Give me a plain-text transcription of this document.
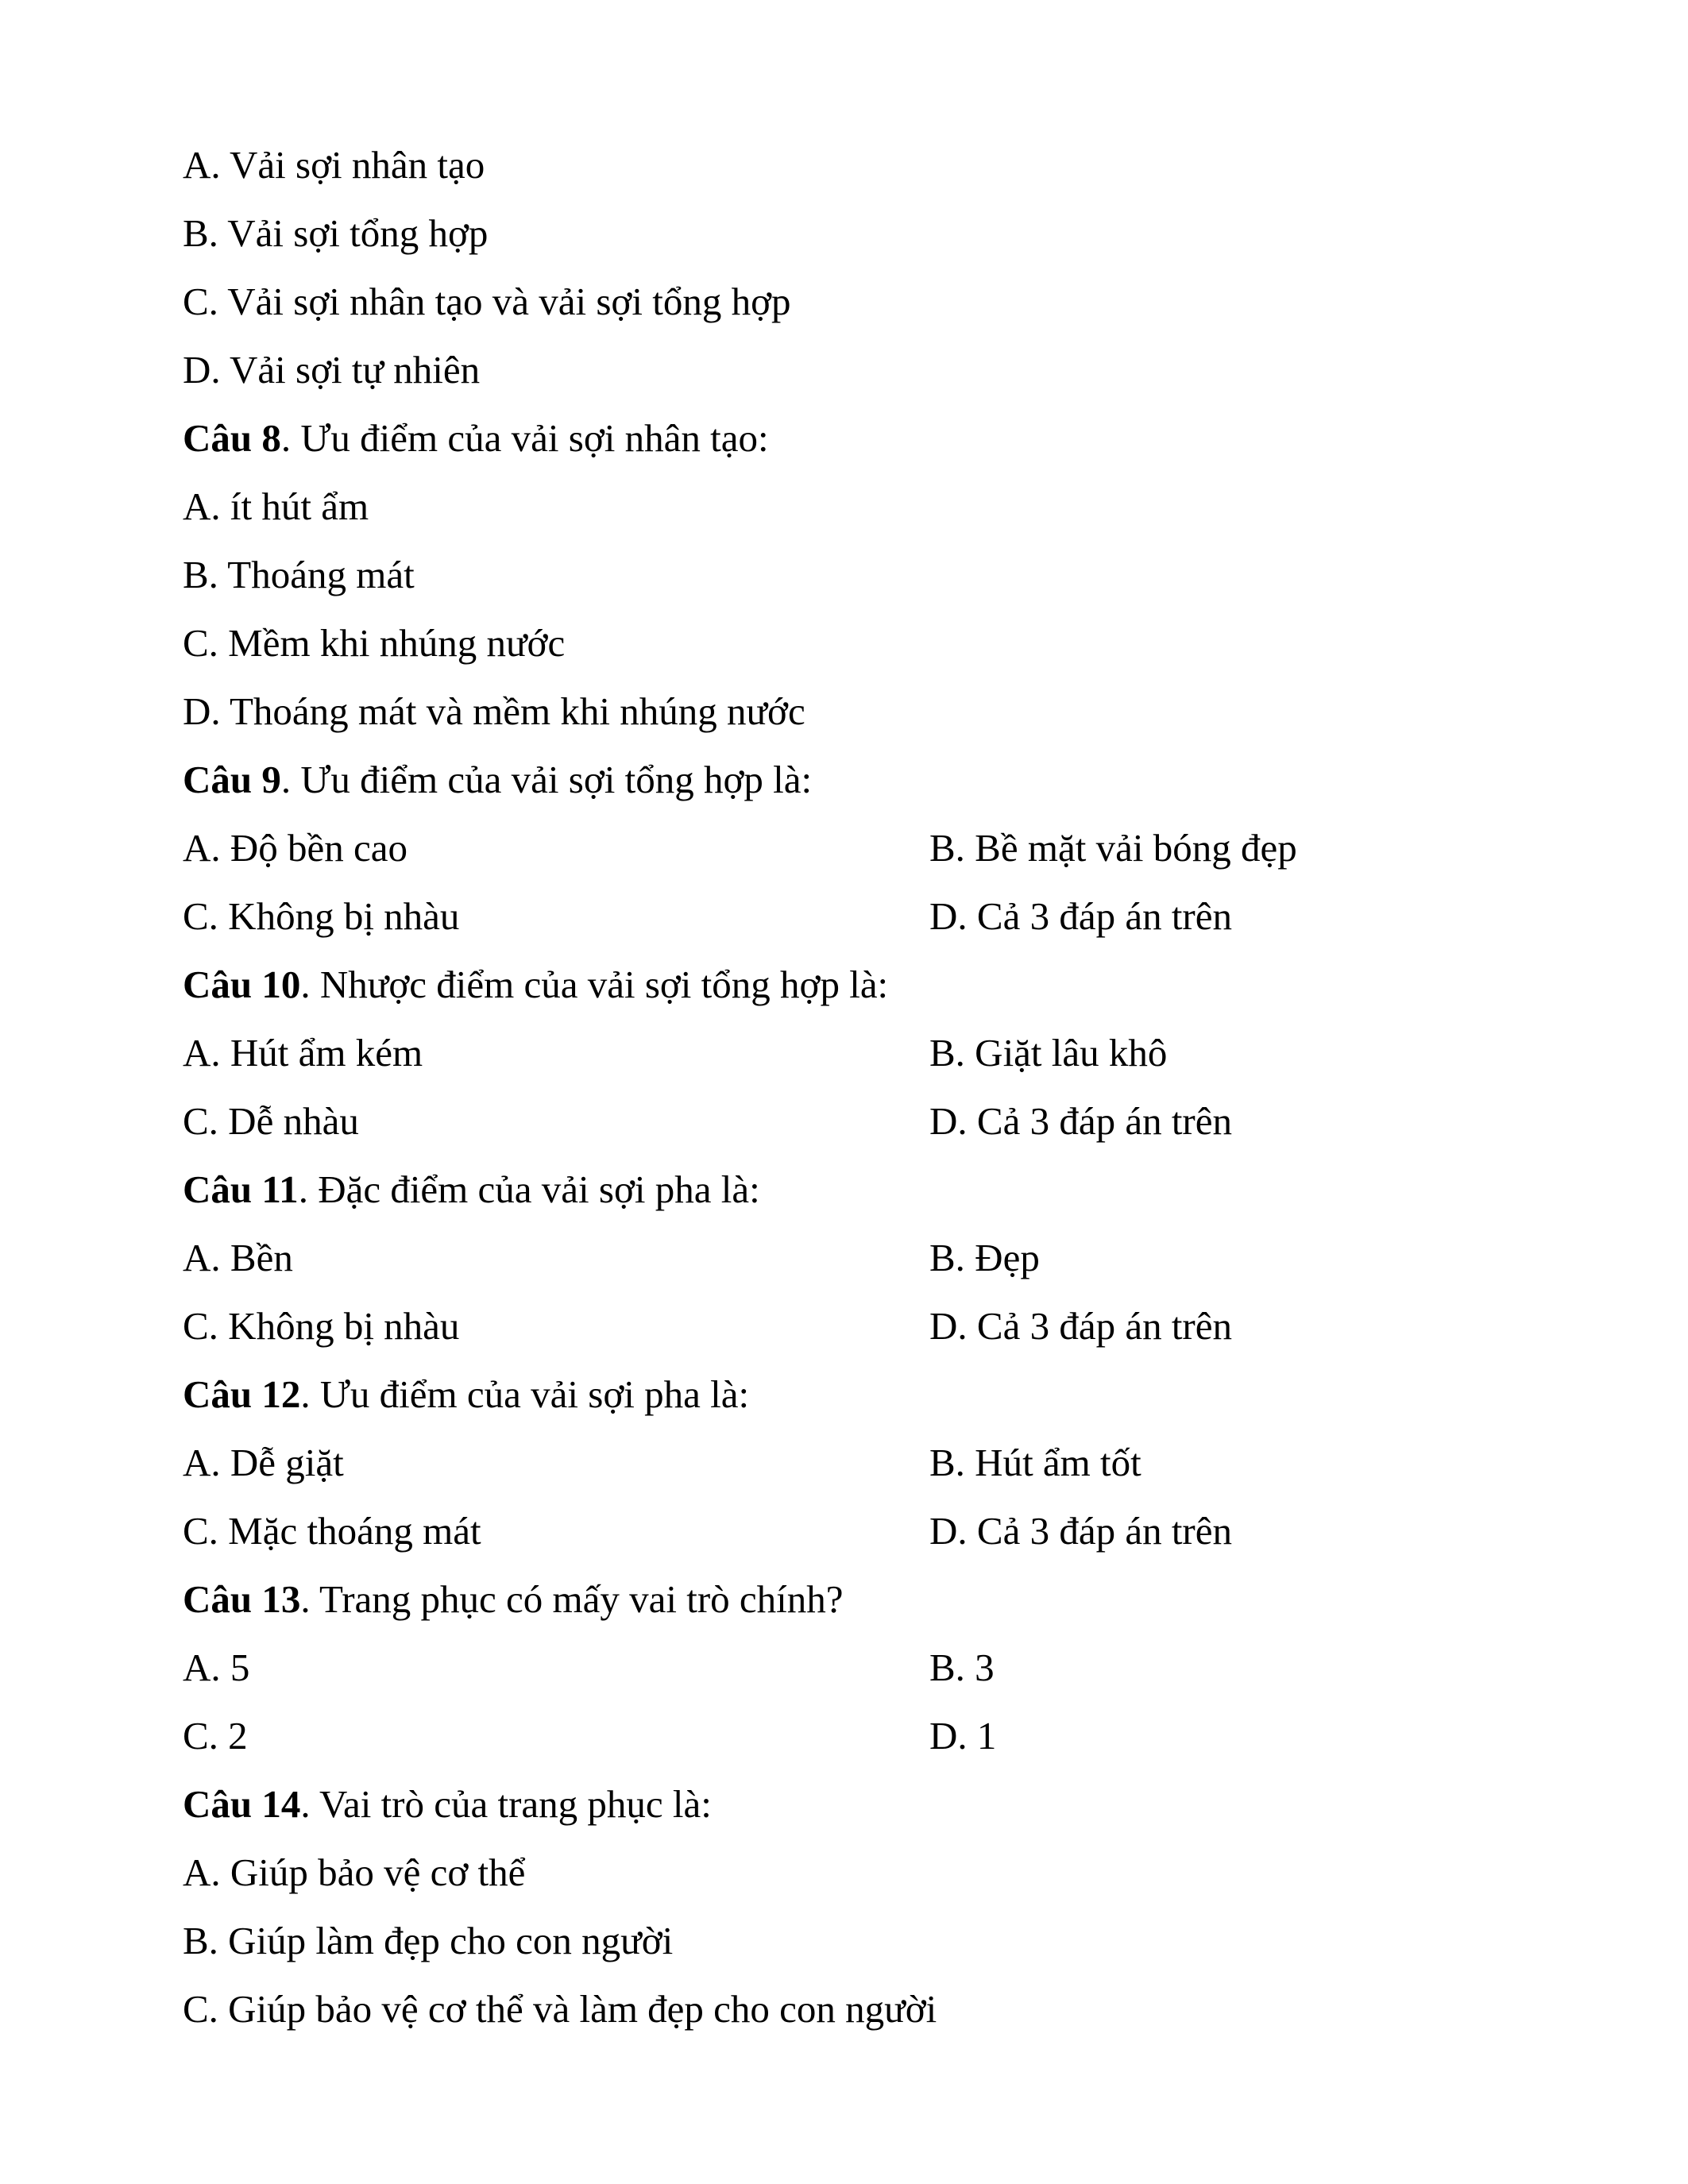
A. Vải sợi nhân tạo
B. Vải sợi tổng hợp
C. Vải sợi nhân tạo và vải sợi tổng hợp
D. Vải sợi tự nhiên
Câu 8. Ưu điểm của vải sợi nhân tạo:
A. ít hút ẩm
B. Thoáng mát
C. Mềm khi nhúng nước
D. Thoáng mát và mềm khi nhúng nước
Câu 9. Ưu điểm của vải sợi tổng hợp là:
A. Độ bền cao	B. Bề mặt vải bóng đẹp
C. Không bị nhàu	D. Cả 3 đáp án trên
Câu 10. Nhược điểm của vải sợi tổng hợp là:
A. Hút ẩm kém	B. Giặt lâu khô
C. Dễ nhàu	D. Cả 3 đáp án trên
Câu 11. Đặc điểm của vải sợi pha là:
A. Bền	B. Đẹp
C. Không bị nhàu	D. Cả 3 đáp án trên
Câu 12. Ưu điểm của vải sợi pha là:
A. Dễ giặt	B. Hút ẩm tốt
C. Mặc thoáng mát	D. Cả 3 đáp án trên
Câu 13. Trang phục có mấy vai trò chính?
A. 5	B. 3
C. 2	D. 1
Câu 14. Vai trò của trang phục là:
A. Giúp bảo vệ cơ thể
B. Giúp làm đẹp cho con người
C. Giúp bảo vệ cơ thể và làm đẹp cho con người
